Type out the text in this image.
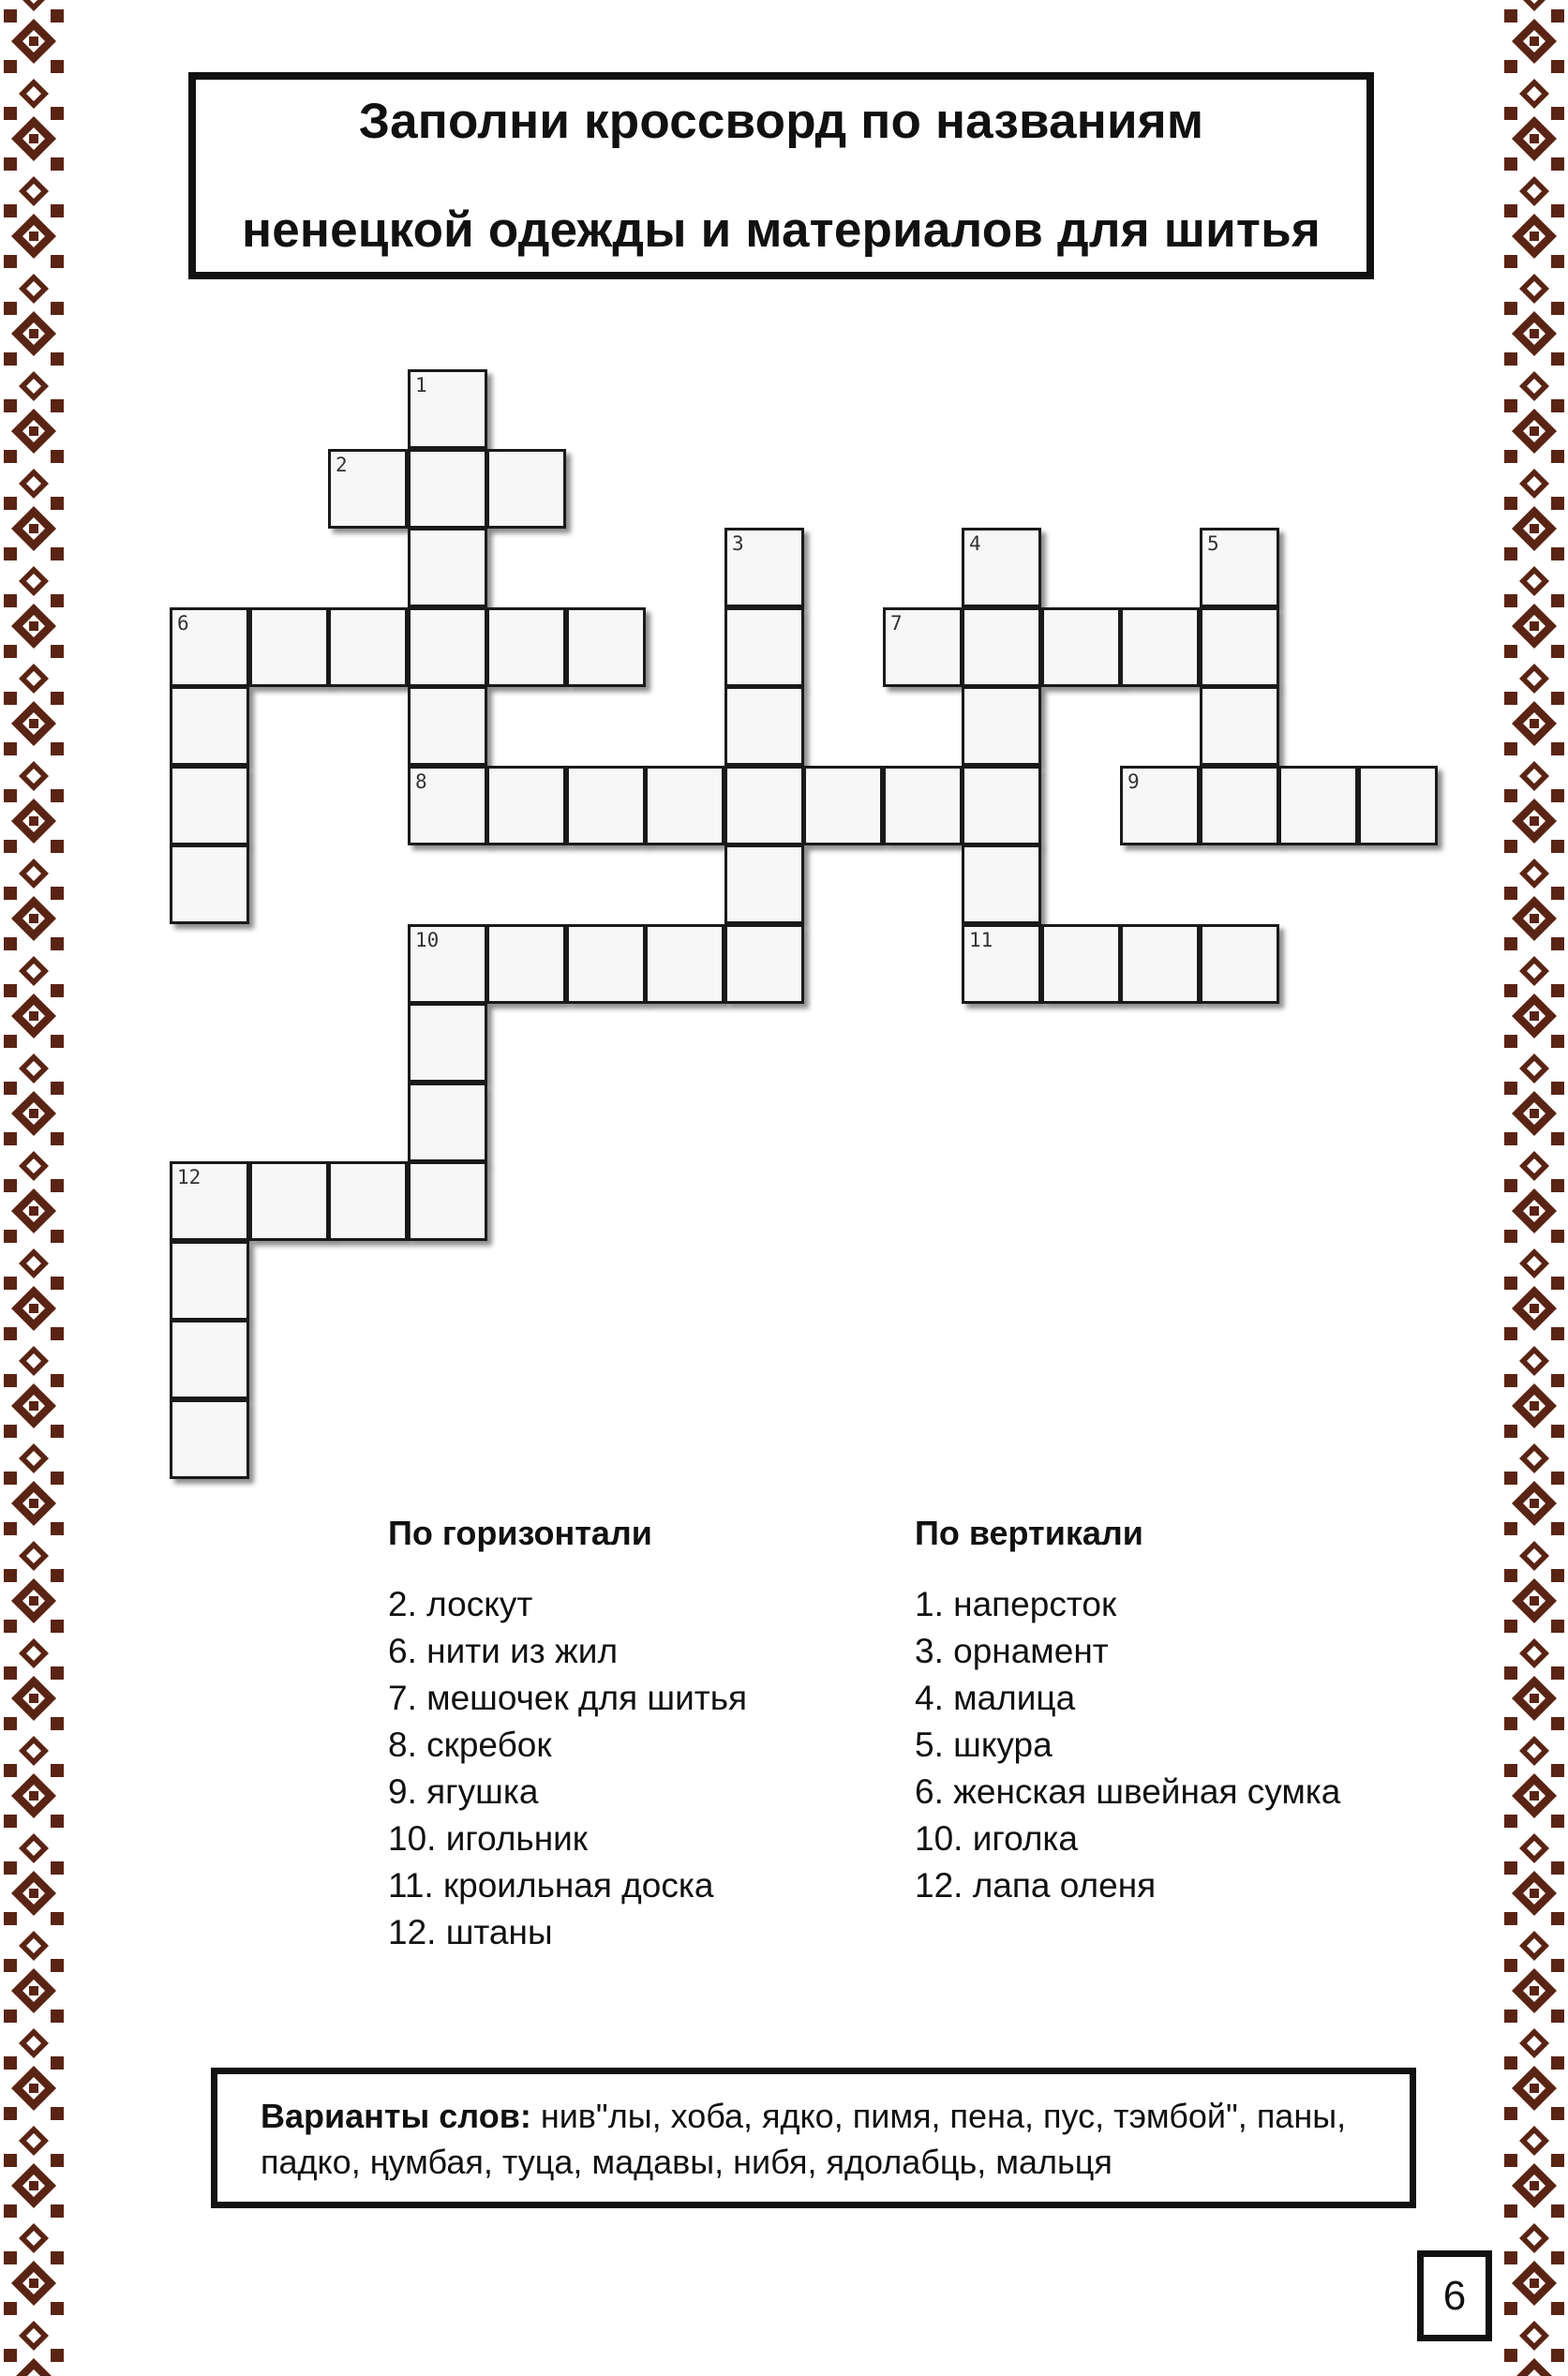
Заполни кроссворд по названиям
ненецкой одежды и материалов для шитья
1
2
3	4	5
6	7
8	9
10	11
12
По горизонтали
2. лоскут
6. нити из жил
7. мешочек для шитья
8. скребок
9. ягушка
10. игольник
11. кроильная доска
12. штаны
По вертикали
1. наперсток
3. орнамент
4. малица
5. шкура
6. женская швейная сумка
10. иголка
12. лапа оленя
Варианты слов: нив"лы, хоба, ядко, пимя, пена, пус, тэмбой", паны,
падко, ңумбая, туца, мадавы, нибя, ядолабць, мальця
6
